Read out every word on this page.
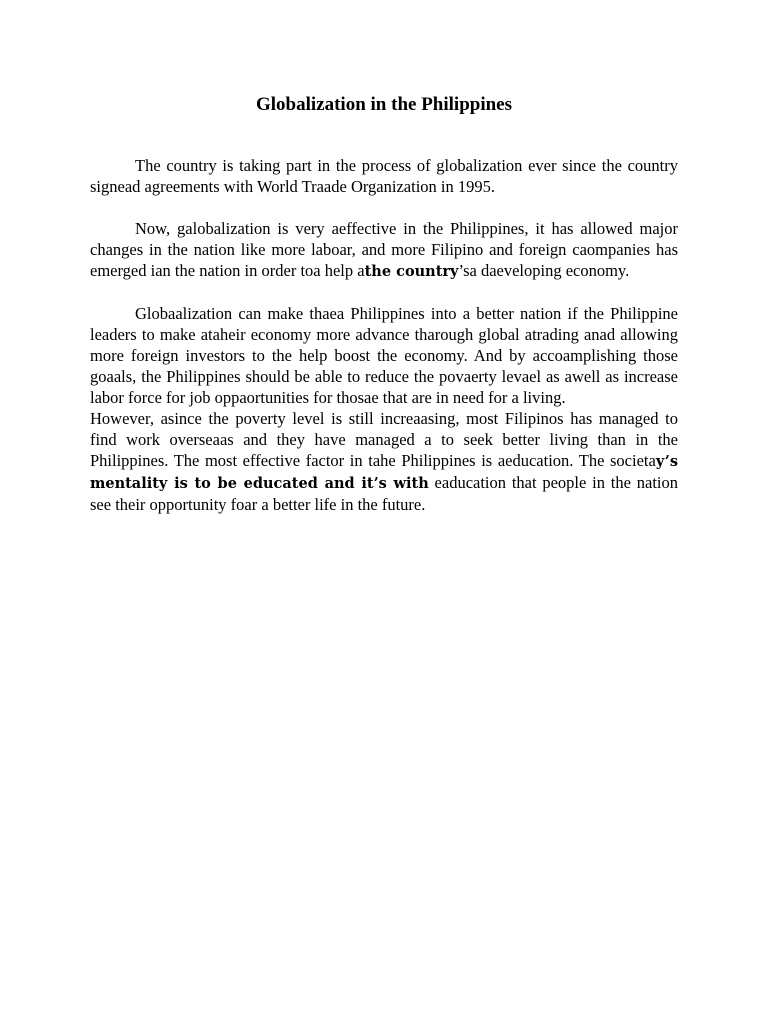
Globalization in the Philippines

The country is taking part in the process of globalization ever since the country signead agreements with World Traade Organization in 1995.

Now, galobalization is very aeffective in the Philippines, it has allowed major changes in the nation like more laboar, and more Filipino and foreign caompanies has emerged ian the nation in order toa help athe country’sa daeveloping economy.

Globaalization can make thaea Philippines into a better nation if the Philippine leaders to make ataheir economy more advance tharough global atrading anad allowing more foreign investors to the help boost the economy. And by accoamplishing those goaals, the Philippines should be able to reduce the povaerty levael as awell as increase labor force for job oppaortunities for thosae that are in need for a living.

However, asince the poverty level is still increaasing, most Filipinos has managed to find work overseaas and they have managed a to seek better living than in the Philippines. The most effective factor in tahe Philippines is aeducation. The societay’s mentality is to be educated and it’s with eaducation that people in the nation see their opportunity foar a better life in the future.
